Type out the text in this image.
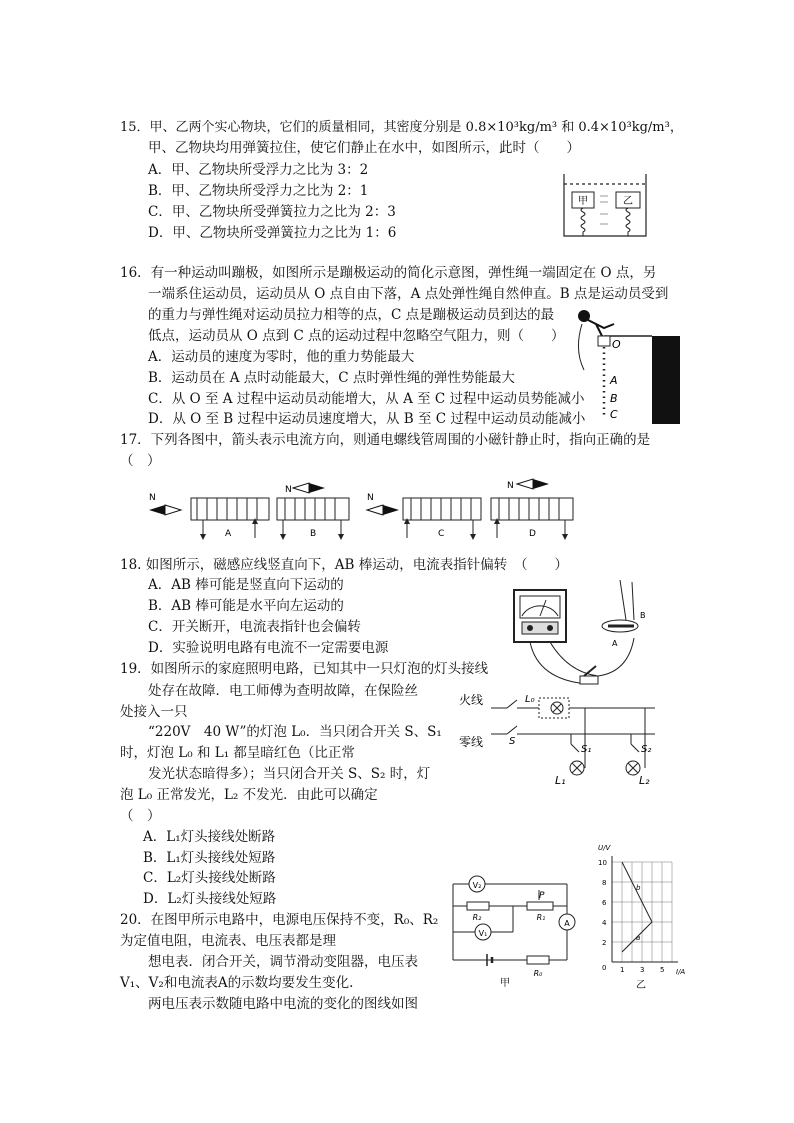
15．甲、乙两个实心物块，它们的质量相同，其密度分别是 0.8×10³kg/m³ 和 0.4×10³kg/m³，
甲、乙物块均用弹簧拉住，使它们静止在水中，如图所示，此时（　　）
A．甲、乙物块所受浮力之比为 3：2
B．甲、乙物块所受浮力之比为 2：1
C．甲、乙物块所受弹簧拉力之比为 2：3
D．甲、乙物块所受弹簧拉力之比为 1：6
甲	乙
16．有一种运动叫蹦极，如图所示是蹦极运动的简化示意图，弹性绳一端固定在 O 点，另
一端系住运动员，运动员从 O 点自由下落，A 点处弹性绳自然伸直。B 点是运动员受到
的重力与弹性绳对运动员拉力相等的点，C 点是蹦极运动员到达的最
低点，运动员从 O 点到 C 点的运动过程中忽略空气阻力，则（　　）
A．运动员的速度为零时，他的重力势能最大
B．运动员在 A 点时动能最大，C 点时弹性绳的弹性势能最大
C．从 O 至 A 过程中运动员动能增大，从 A 至 C 过程中运动员势能减小
D．从 O 至 B 过程中运动员速度增大，从 B 至 C 过程中运动员动能减小
O
A
B
C
17．下列各图中，箭头表示电流方向，则通电螺线管周围的小磁针静止时，指向正确的是
（　）
N
A
N
B
N
C
N
D
18. 如图所示，磁感应线竖直向下，AB 棒运动，电流表指针偏转　（　　）
A．AB 棒可能是竖直向下运动的
B．AB 棒可能是水平向左运动的
C．开关断开，电流表指针也会偏转
D．实验说明电路有电流不一定需要电源
B
A
19．如图所示的家庭照明电路，已知其中一只灯泡的灯头接线
处存在故障．电工师傅为查明故障，在保险丝
处接入一只
“220V　40 W”的灯泡 L₀．当只闭合开关 S、S₁
时，灯泡 L₀ 和 L₁ 都呈暗红色（比正常
发光状态暗得多）；当只闭合开关 S、S₂ 时，灯
泡 L₀ 正常发光，L₂ 不发光．由此可以确定
（　）
A．L₁灯头接线处断路
B．L₁灯头接线处短路
C．L₂灯头接线处断路
D．L₂灯头接线处短路
火线
零线	S
L₀
S₁	S₂
L₁	L₂
20．在图甲所示电路中，电源电压保持不变，R₀、R₂
为定值电阻，电流表、电压表都是理
想电表．闭合开关，调节滑动变阻器，电压表
V₁、V₂和电流表A的示数均要发生变化.
两电压表示数随电路中电流的变化的图线如图
V₂
R₂
P
R₁
A
V₁
R₀
甲
U/V
I/A
10
8
6
4
2
0 1 3 5
b
a
乙
